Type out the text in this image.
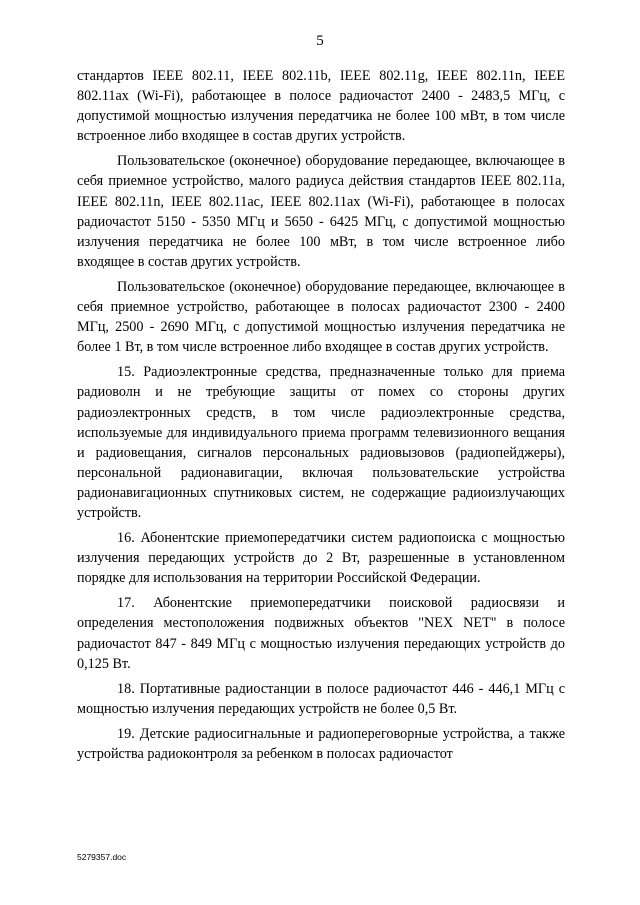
5

стандартов IEEE 802.11, IEEE 802.11b, IEEE 802.11g, IEEE 802.11n, IEEE 802.11ax (Wi-Fi), работающее в полосе радиочастот 2400 - 2483,5 МГц, с допустимой мощностью излучения передатчика не более 100 мВт, в том числе встроенное либо входящее в состав других устройств.

Пользовательское (оконечное) оборудование передающее, включающее в себя приемное устройство, малого радиуса действия стандартов IEEE 802.11a, IEEE 802.11n, IEEE 802.11ac, IEEE 802.11ax (Wi-Fi), работающее в полосах радиочастот 5150 - 5350 МГц и 5650 - 6425 МГц, с допустимой мощностью излучения передатчика не более 100 мВт, в том числе встроенное либо входящее в состав других устройств.

Пользовательское (оконечное) оборудование передающее, включающее в себя приемное устройство, работающее в полосах радиочастот 2300 - 2400 МГц, 2500 - 2690 МГц, с допустимой мощностью излучения передатчика не более 1 Вт, в том числе встроенное либо входящее в состав других устройств.

15. Радиоэлектронные средства, предназначенные только для приема радиоволн и не требующие защиты от помех со стороны других радиоэлектронных средств, в том числе радиоэлектронные средства, используемые для индивидуального приема программ телевизионного вещания и радиовещания, сигналов персональных радиовызовов (радиопейджеры), персональной радионавигации, включая пользовательские устройства радионавигационных спутниковых систем, не содержащие радиоизлучающих устройств.

16. Абонентские приемопередатчики систем радиопоиска с мощностью излучения передающих устройств до 2 Вт, разрешенные в установленном порядке для использования на территории Российской Федерации.

17. Абонентские приемопередатчики поисковой радиосвязи и определения местоположения подвижных объектов "NEX NET" в полосе радиочастот 847 - 849 МГц с мощностью излучения передающих устройств до 0,125 Вт.

18. Портативные радиостанции в полосе радиочастот 446 - 446,1 МГц с мощностью излучения передающих устройств не более 0,5 Вт.

19. Детские радиосигнальные и радиопереговорные устройства, а также устройства радиоконтроля за ребенком в полосах радиочастот

5279357.doc
